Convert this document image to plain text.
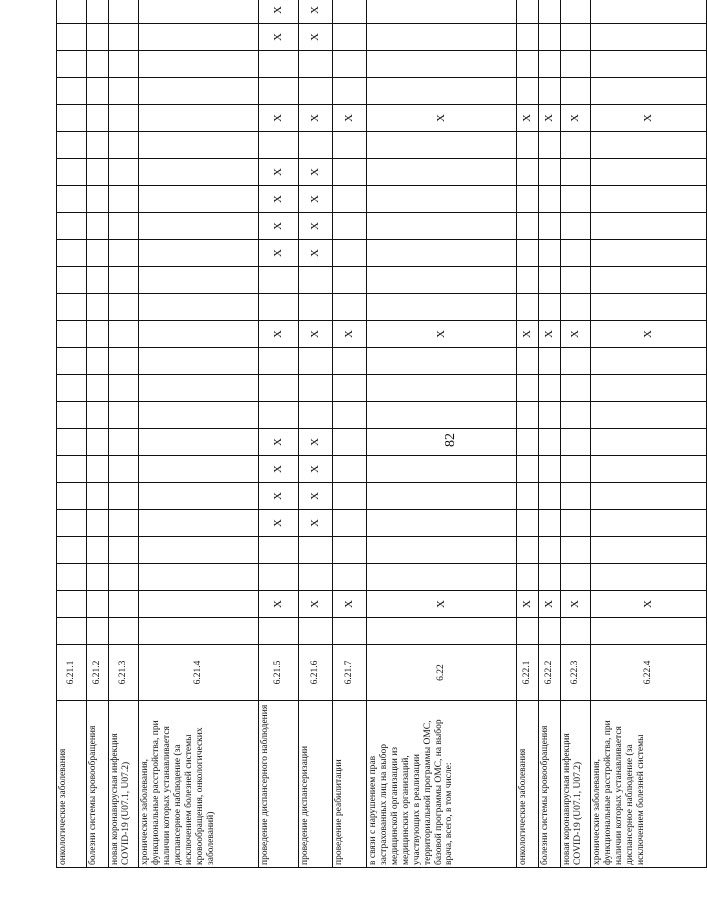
82
онкологические заболевания	6.21.1																										
болезни системы кровообращения	6.21.2																										
новая коронавирусная инфекция COVID-19 (U07.1, U07.2)	6.21.3																										
хронические заболевания, функциональные расстройства, при наличии которых устанавливается диспансерное наблюдение (за исключением болезней системы кровообращения, онкологических заболеваний)	6.21.4																										
проведение диспансерного наблюдения	6.21.5		X			X	X	X	X				X			X	X	X	X		X			X	X		
проведение диспансеризации	6.21.6		X			X	X	X	X				X			X	X	X	X		X			X	X		
проведение реабилитации	6.21.7		X										X								X						
в связи с нарушением прав застрахованных лиц на выбор медицинской организации из медицинских организаций, участвующих в реализации территориальной программы ОМС, базовой программы ОМС, на выбор врача, всего, в том числе:	6.22		X										X								X						
онкологические заболевания	6.22.1		X										X								X						
болезни системы кровообращения	6.22.2		X										X								X						
новая коронавирусная инфекция COVID-19 (U07.1, U07.2)	6.22.3		X										X								X						
хронические заболевания, функциональные расстройства, при наличии которых устанавливается диспансерное наблюдение (за исключением болезней системы	6.22.4		X										X								X						
